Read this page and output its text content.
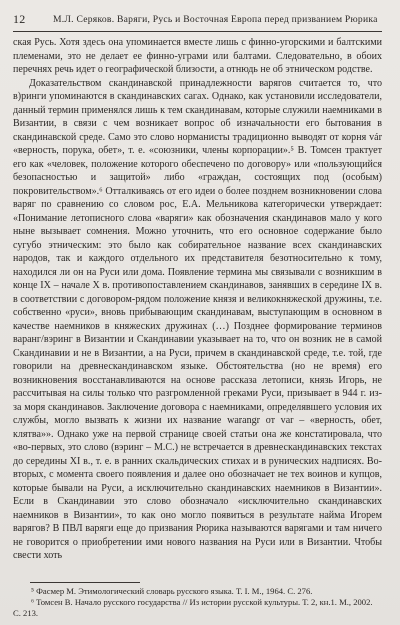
12	М.Л. Серяков. Варяги, Русь и Восточная Европа перед призванием Рюрика

ская Русь. Хотя здесь она упоминается вместе лишь с финно-угорскими и балтскими племенами, это не делает ее финно-уграми или балтами. Следовательно, в обоих перечнях речь идет о географической близости, а отнюдь не об этническом родстве.

Доказательством скандинавской принадлежности варягов считается то, что в)ринги упоминаются в скандинавских сагах. Однако, как установили исследователи, данный термин применялся лишь к тем скандинавам, которые служили наемниками в Византии, в связи с чем возникает вопрос об изначальности его бытования в скандинавской среде. Само это слово норманисты традиционно выводят от корня vár «верность, порука, обет», т. е. «союзники, члены корпорации».⁵ В. Томсен трактует его как «человек, положение которого обеспечено по договору» или «пользующийся безопасностью и защитой» либо «граждан, состоящих под (особым) покровительством».⁶ Отталкиваясь от его идеи о более позднем возникновении слова варяг по сравнению со словом рос, Е.А. Мельникова категорически утверждает: «Понимание летописного слова «варяги» как обозначения скандинавов мало у кого ныне вызывает сомнения. Можно уточнить, что его основное содержание было сугубо этническим: это было как собирательное название всех скандинавских народов, так и каждого отдельного их представителя безотносительно к тому, находился ли он на Руси или дома. Появление термина мы связывали с возникшим в конце IX – начале X в. противопоставлением скандинавов, занявших в середине IX в. в соответствии с договором-рядом положение князя и великокняжеской дружины, т.е. собственно «руси», вновь прибывающим скандинавам, выступающим в основном в качестве наемников в княжеских дружинах (…) Позднее формирование терминов варанг/вэринг в Византии и Скандинавии указывает на то, что он возник не в самой Скандинавии и не в Византии, а на Руси, причем в скандинавской среде, т.е. той, где говорили на древнескандинавском языке. Обстоятельства (но не время) его возникновения восстанавливаются на основе рассказа летописи, князь Игорь, не рассчитывая на силы только что разгромленной греками Руси, призывает в 944 г. из-за моря скандинавов. Заключение договора с наемниками, определявшего условия их службы, могло вызвать к жизни их название warangr от var – «верность, обет, клятва»». Однако уже на первой странице своей статьи она же констатировала, что «во-первых, это слово (вэринг – М.С.) не встречается в древнескандинавских текстах до середины XI в., т. е. в ранних скальдических стихах и в рунических надписях. Во-вторых, с момента своего появления и далее оно обозначает не тех воинов и купцов, которые бывали на Руси, а исключительно скандинавских наемников в Византии». Если в Скандинавии это слово обозначало «исключительно скандинавских наемников в Византии», то как оно могло появиться в результате найма Игорем варягов? В ПВЛ варяги еще до призвания Рюрика называются варягами и там ничего не говорится о приобретении ими нового названия на Руси или в Византии. Чтобы свести хоть

⁵ Фасмер М. Этимологический словарь русского языка. Т. I. М., 1964. С. 276.

⁶ Томсен В. Начало русского государства // Из истории русской культуры. Т. 2, кн.1. М., 2002. С. 213.
